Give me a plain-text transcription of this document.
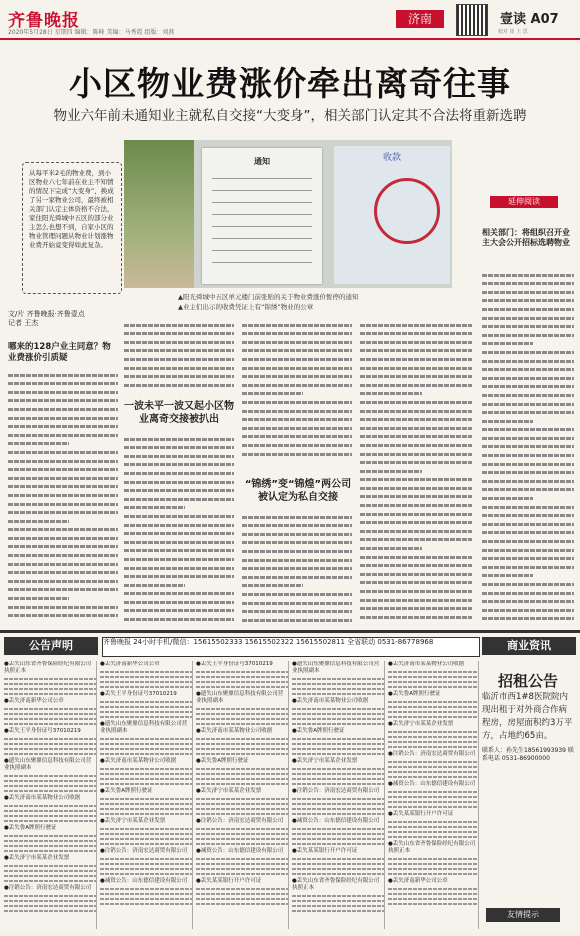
齐鲁晚报
2020年5月28日 星期四 编辑：陈峰 美编：马秀霞 组版：刘燕
济南	壹读 A07
校对 崔 上 思
小区物业费涨价牵出离奇往事
物业六年前未通知业主就私自交接“大变身”，相关部门认定其不合法将重新选聘

从每平米2毛的物业费，到小区物业六七年前在业主不知情的情况下完成“大变身”，换成了另一家物业公司，最终被相关部门认定主体资格不合法，家住阳光舜城中五区的部分业主怎么也想不到，自家小区的物业管理问题从物业计划涨物业费开始竟变得如此复杂。

通知	收款
▲阳光舜城中五区单元楼门前张贴的关于物业费涨价暂停的通知
▲业主们出示的收费凭证上有“锦绣”物业的公章
文/片 齐鲁晚报·齐鲁壹点
记者 王杰
哪来的128户业主同意？物业费涨价引质疑
一波未平一波又起小区物业离奇交接被扒出
“锦绣”变“锦煌”两公司被认定为私自交接
延伸阅读
相关部门：将组织召开业主大会公开招标选聘物业
公告声明	齐鲁晚报 24小时手机/微信：15615502333 15615502322 15615502811 全省联动 0531-86778968	商业资讯
●丢失山东省齐鲁保险经纪有限公司执照正本
●丢失济南新华公司公章
●丢失王平身份证号37010219
●遗失山东聚鼎信息科技有限公司营业执照副本
●丢失济南市某某物业公司收据
●丢失鲁A牌照行驶证
●丢失济宁市某某企业发票
●注销公告：济南宏达商贸有限公司
●丢失济南新华公司公章
●丢失王平身份证号37010219
●遗失山东聚鼎信息科技有限公司营业执照副本
●丢失济南市某某物业公司收据
●丢失鲁A牌照行驶证
●丢失济宁市某某企业发票
●注销公告：济南宏达商贸有限公司
●减资公告：山东德信建设有限公司
●丢失王平身份证号37010219
●遗失山东聚鼎信息科技有限公司营业执照副本
●丢失济南市某某物业公司收据
●丢失鲁A牌照行驶证
●丢失济宁市某某企业发票
●注销公告：济南宏达商贸有限公司
●减资公告：山东德信建设有限公司
●丢失某某银行开户许可证
●遗失山东聚鼎信息科技有限公司营业执照副本
●丢失济南市某某物业公司收据
●丢失鲁A牌照行驶证
●丢失济宁市某某企业发票
●注销公告：济南宏达商贸有限公司
●减资公告：山东德信建设有限公司
●丢失某某银行开户许可证
●丢失山东省齐鲁保险经纪有限公司执照正本
●丢失济南市某某物业公司收据
●丢失鲁A牌照行驶证
●丢失济宁市某某企业发票
●注销公告：济南宏达商贸有限公司
●减资公告：山东德信建设有限公司
●丢失某某银行开户许可证
●丢失山东省齐鲁保险经纪有限公司执照正本
●丢失济南新华公司公章
招租公告
临沂市西1#8医院院内现出租于对外商合作病程房，房屋面积约3万平方，占地约65亩。
联系人：孙先生18561993939 联系电话 0531-86900000
友情提示
